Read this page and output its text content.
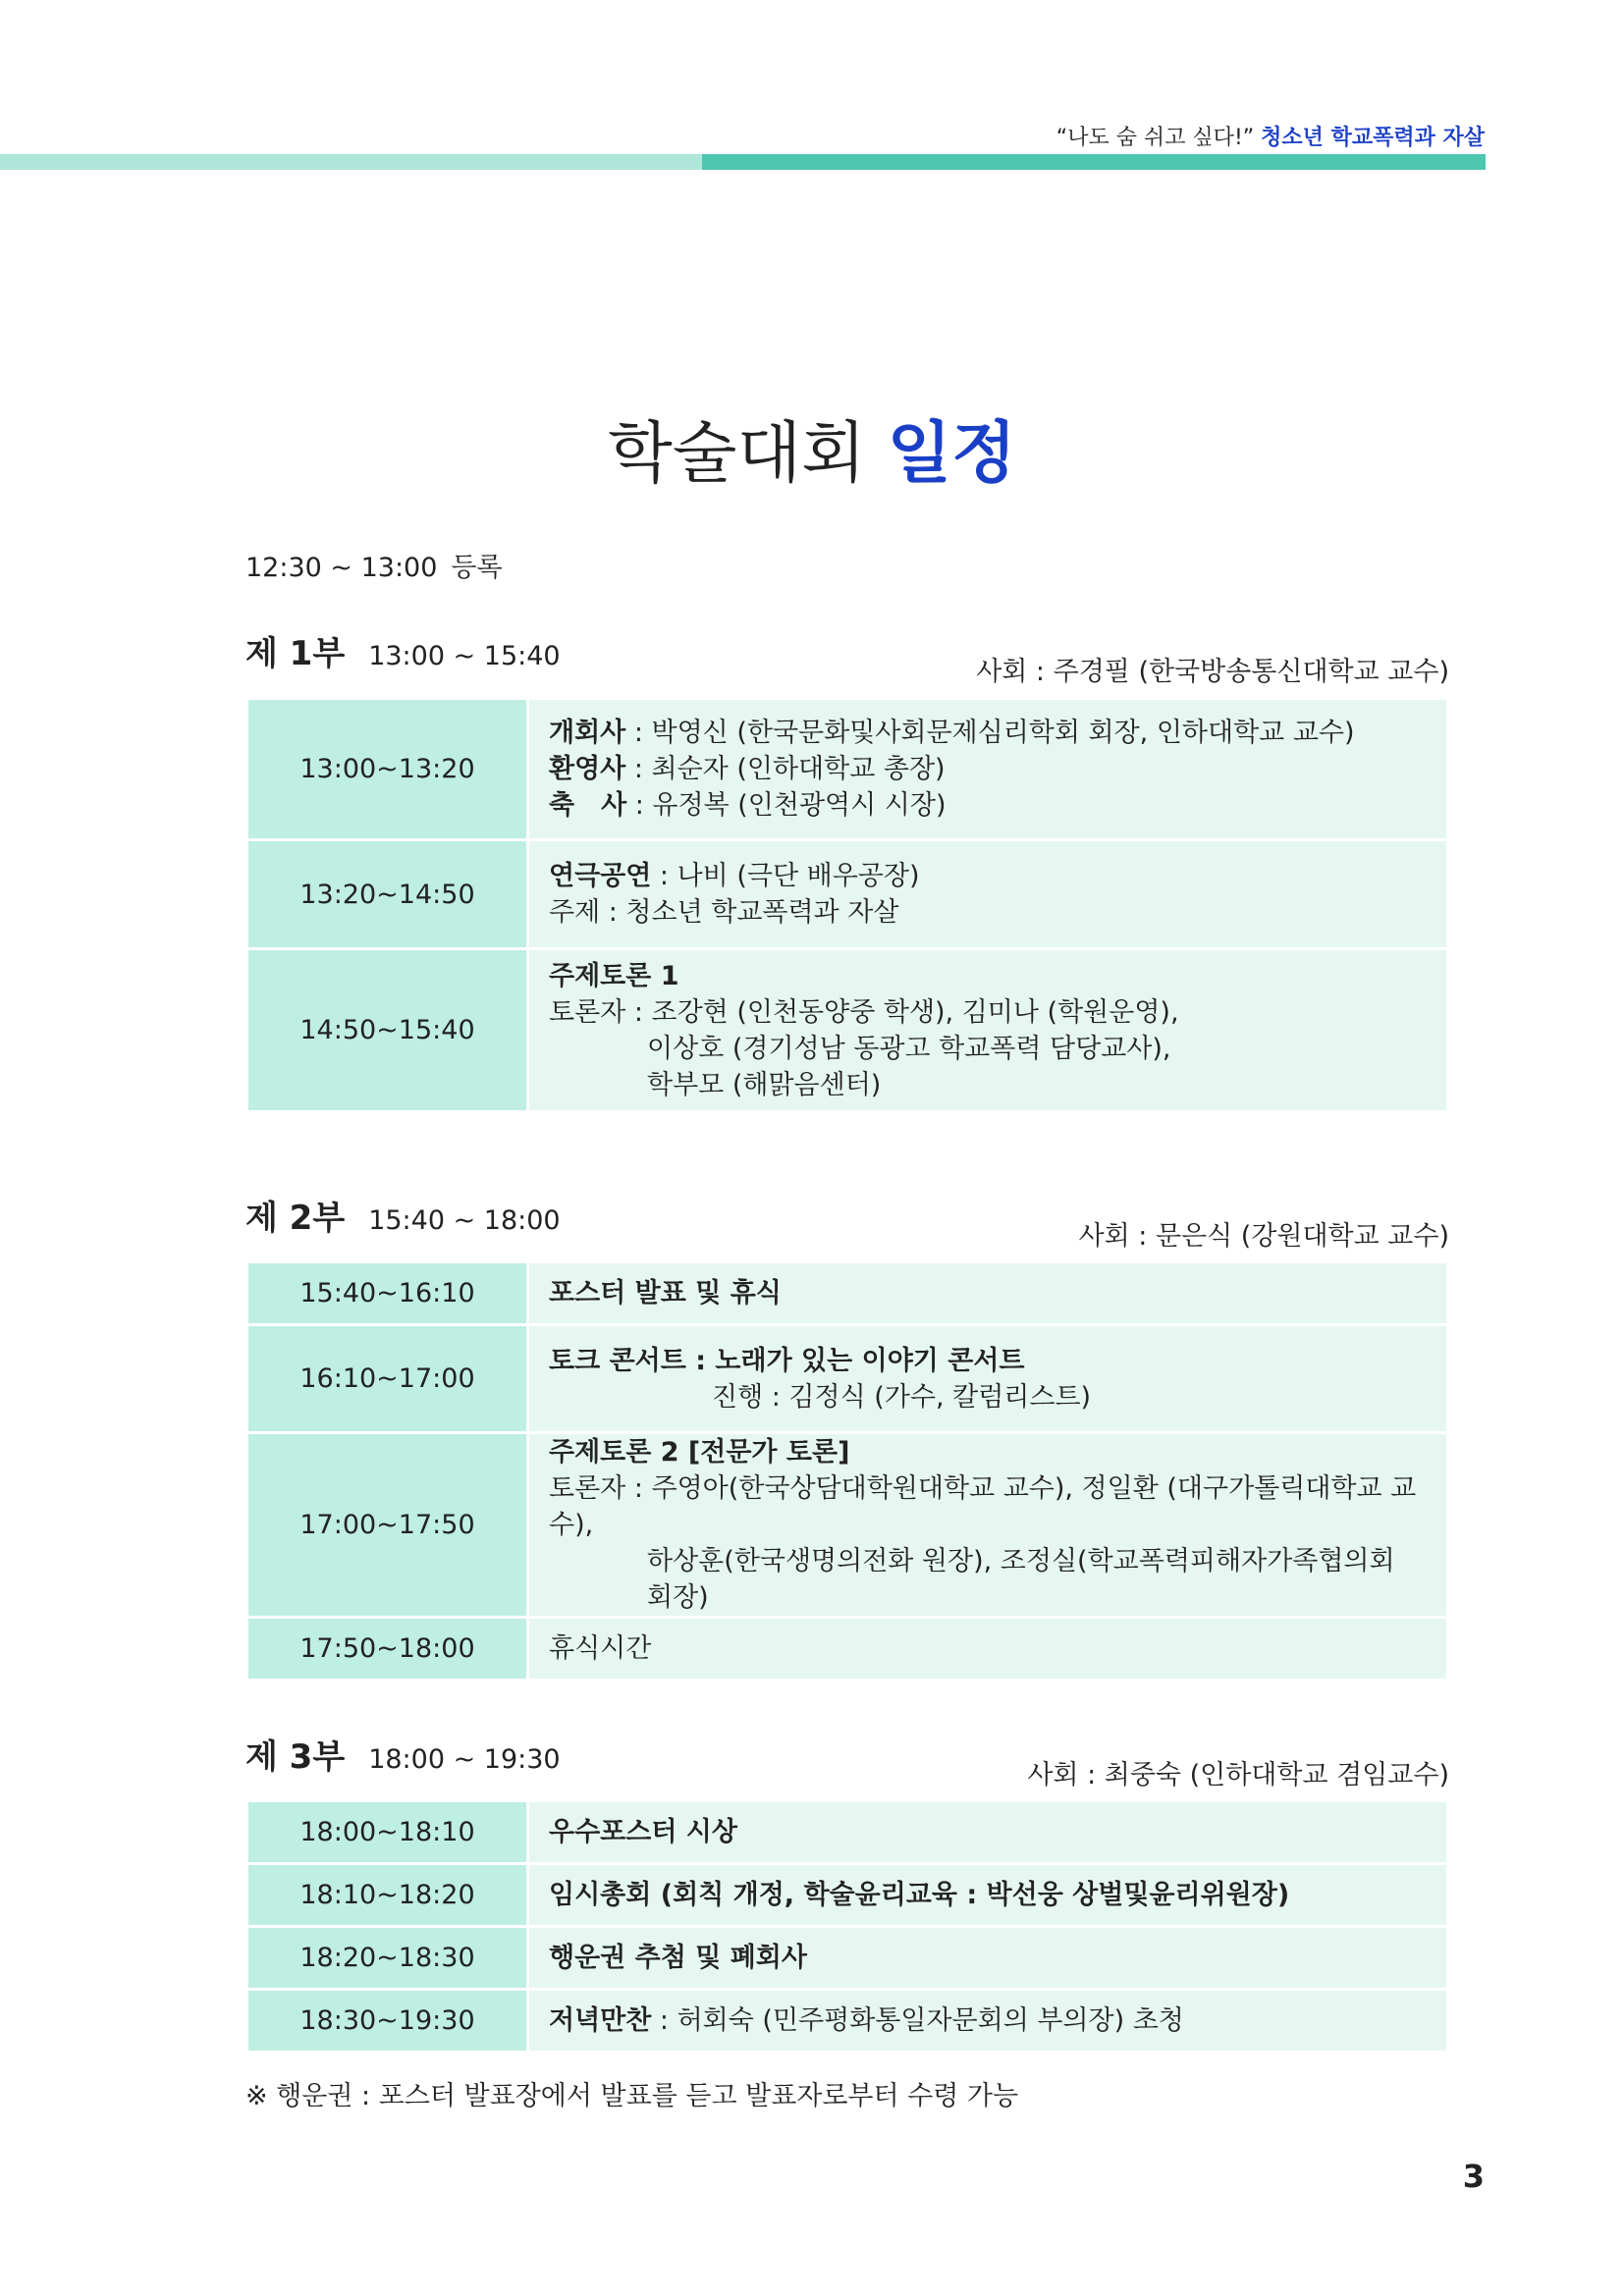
“나도 숨 쉬고 싶다!” 청소년 학교폭력과 자살
학술대회 일정
12:30 ~ 13:00 등록
제 1부 13:00 ~ 15:40
사회 : 주경필 (한국방송통신대학교 교수)
13:00~13:20	개회사 : 박영신 (한국문화및사회문제심리학회 회장, 인하대학교 교수)
환영사 : 최순자 (인하대학교 총장)
축　사 : 유정복 (인천광역시 시장)

13:20~14:50	연극공연 : 나비 (극단 배우공장)
주제 : 청소년 학교폭력과 자살

14:50~15:40	주제토론 1
토론자 : 조강현 (인천동양중 학생), 김미나 (학원운영),
이상호 (경기성남 동광고 학교폭력 담당교사),
학부모 (해맑음센터)
제 2부 15:40 ~ 18:00
사회 : 문은식 (강원대학교 교수)
15:40~16:10	포스터 발표 및 휴식
16:10~17:00	토크 콘서트 : 노래가 있는 이야기 콘서트
진행 : 김정식 (가수, 칼럼리스트)

17:00~17:50	주제토론 2 [전문가 토론]
토론자 : 주영아(한국상담대학원대학교 교수), 정일환 (대구가톨릭대학교 교수),
하상훈(한국생명의전화 원장), 조정실(학교폭력피해자가족협의회 회장)

17:50~18:00	휴식시간
제 3부 18:00 ~ 19:30
사회 : 최중숙 (인하대학교 겸임교수)
18:00~18:10	우수포스터 시상
18:10~18:20	임시총회 (회칙 개정, 학술윤리교육 : 박선웅 상벌및윤리위원장)
18:20~18:30	행운권 추첨 및 폐회사
18:30~19:30	저녁만찬 : 허회숙 (민주평화통일자문회의 부의장) 초청
※ 행운권 : 포스터 발표장에서 발표를 듣고 발표자로부터 수령 가능
3
